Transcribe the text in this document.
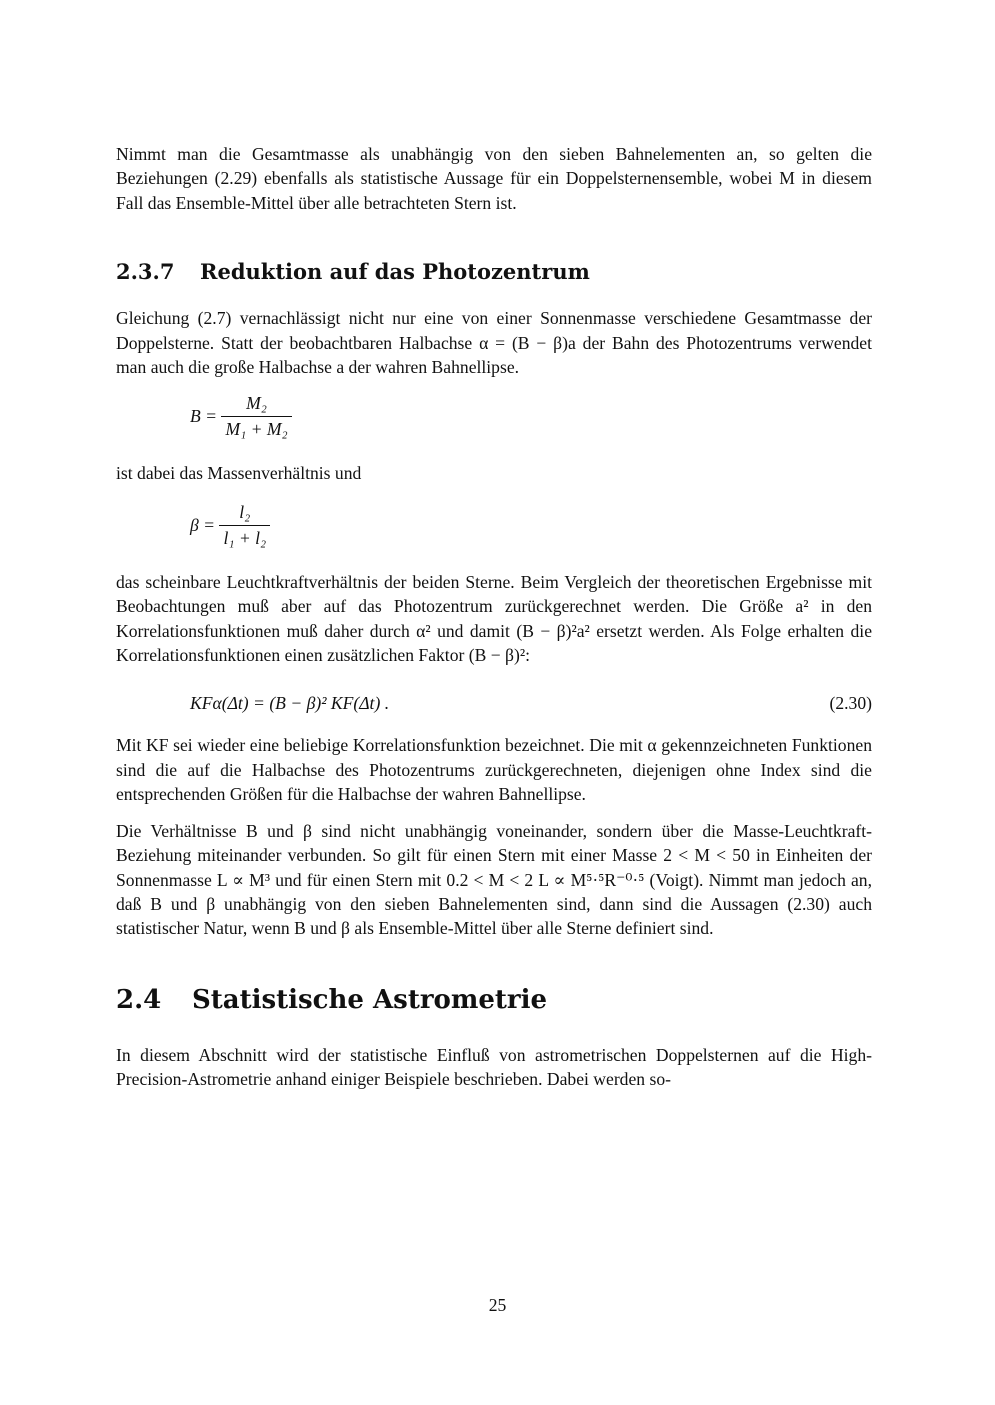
Nimmt man die Gesamtmasse als unabhängig von den sieben Bahnelementen an, so gelten die Beziehungen (2.29) ebenfalls als statistische Aussage für ein Doppelsternensemble, wobei M in diesem Fall das Ensemble-Mittel über alle betrachteten Stern ist.

2.3.7 Reduktion auf das Photozentrum

Gleichung (2.7) vernachlässigt nicht nur eine von einer Sonnenmasse verschiedene Gesamtmasse der Doppelsterne. Statt der beobachtbaren Halbachse α = (B − β)a der Bahn des Photozentrums verwendet man auch die große Halbachse a der wahren Bahnellipse.

$B = \frac{\text{M₂}}{\text{M₁ + M₂}}$

ist dabei das Massenverhältnis und

$\beta = \frac{\text{l₂}}{\text{l₁ + l₂}}$

das scheinbare Leuchtkraftverhältnis der beiden Sterne. Beim Vergleich der theoretischen Ergebnisse mit Beobachtungen muß aber auf das Photozentrum zurückgerechnet werden. Die Größe a² in den Korrelationsfunktionen muß daher durch α² und damit (B − β)²a² ersetzt werden. Als Folge erhalten die Korrelationsfunktionen einen zusätzlichen Faktor (B − β)²:

KFα(Δt) = (B − β)² KF(Δt) .	(2.30)

Mit KF sei wieder eine beliebige Korrelationsfunktion bezeichnet. Die mit α gekennzeichneten Funktionen sind die auf die Halbachse des Photozentrums zurückgerechneten, diejenigen ohne Index sind die entsprechenden Größen für die Halbachse der wahren Bahnellipse.

Die Verhältnisse B und β sind nicht unabhängig voneinander, sondern über die Masse-Leuchtkraft-Beziehung miteinander verbunden. So gilt für einen Stern mit einer Masse 2 < M < 50 in Einheiten der Sonnenmasse L ∝ M³ und für einen Stern mit 0.2 < M < 2 L ∝ M⁵·⁵R⁻⁰·⁵ (Voigt). Nimmt man jedoch an, daß B und β unabhängig von den sieben Bahnelementen sind, dann sind die Aussagen (2.30) auch statistischer Natur, wenn B und β als Ensemble-Mittel über alle Sterne definiert sind.

2.4 Statistische Astrometrie

In diesem Abschnitt wird der statistische Einfluß von astrometrischen Doppelsternen auf die High-Precision-Astrometrie anhand einiger Beispiele beschrieben. Dabei werden so-

25
